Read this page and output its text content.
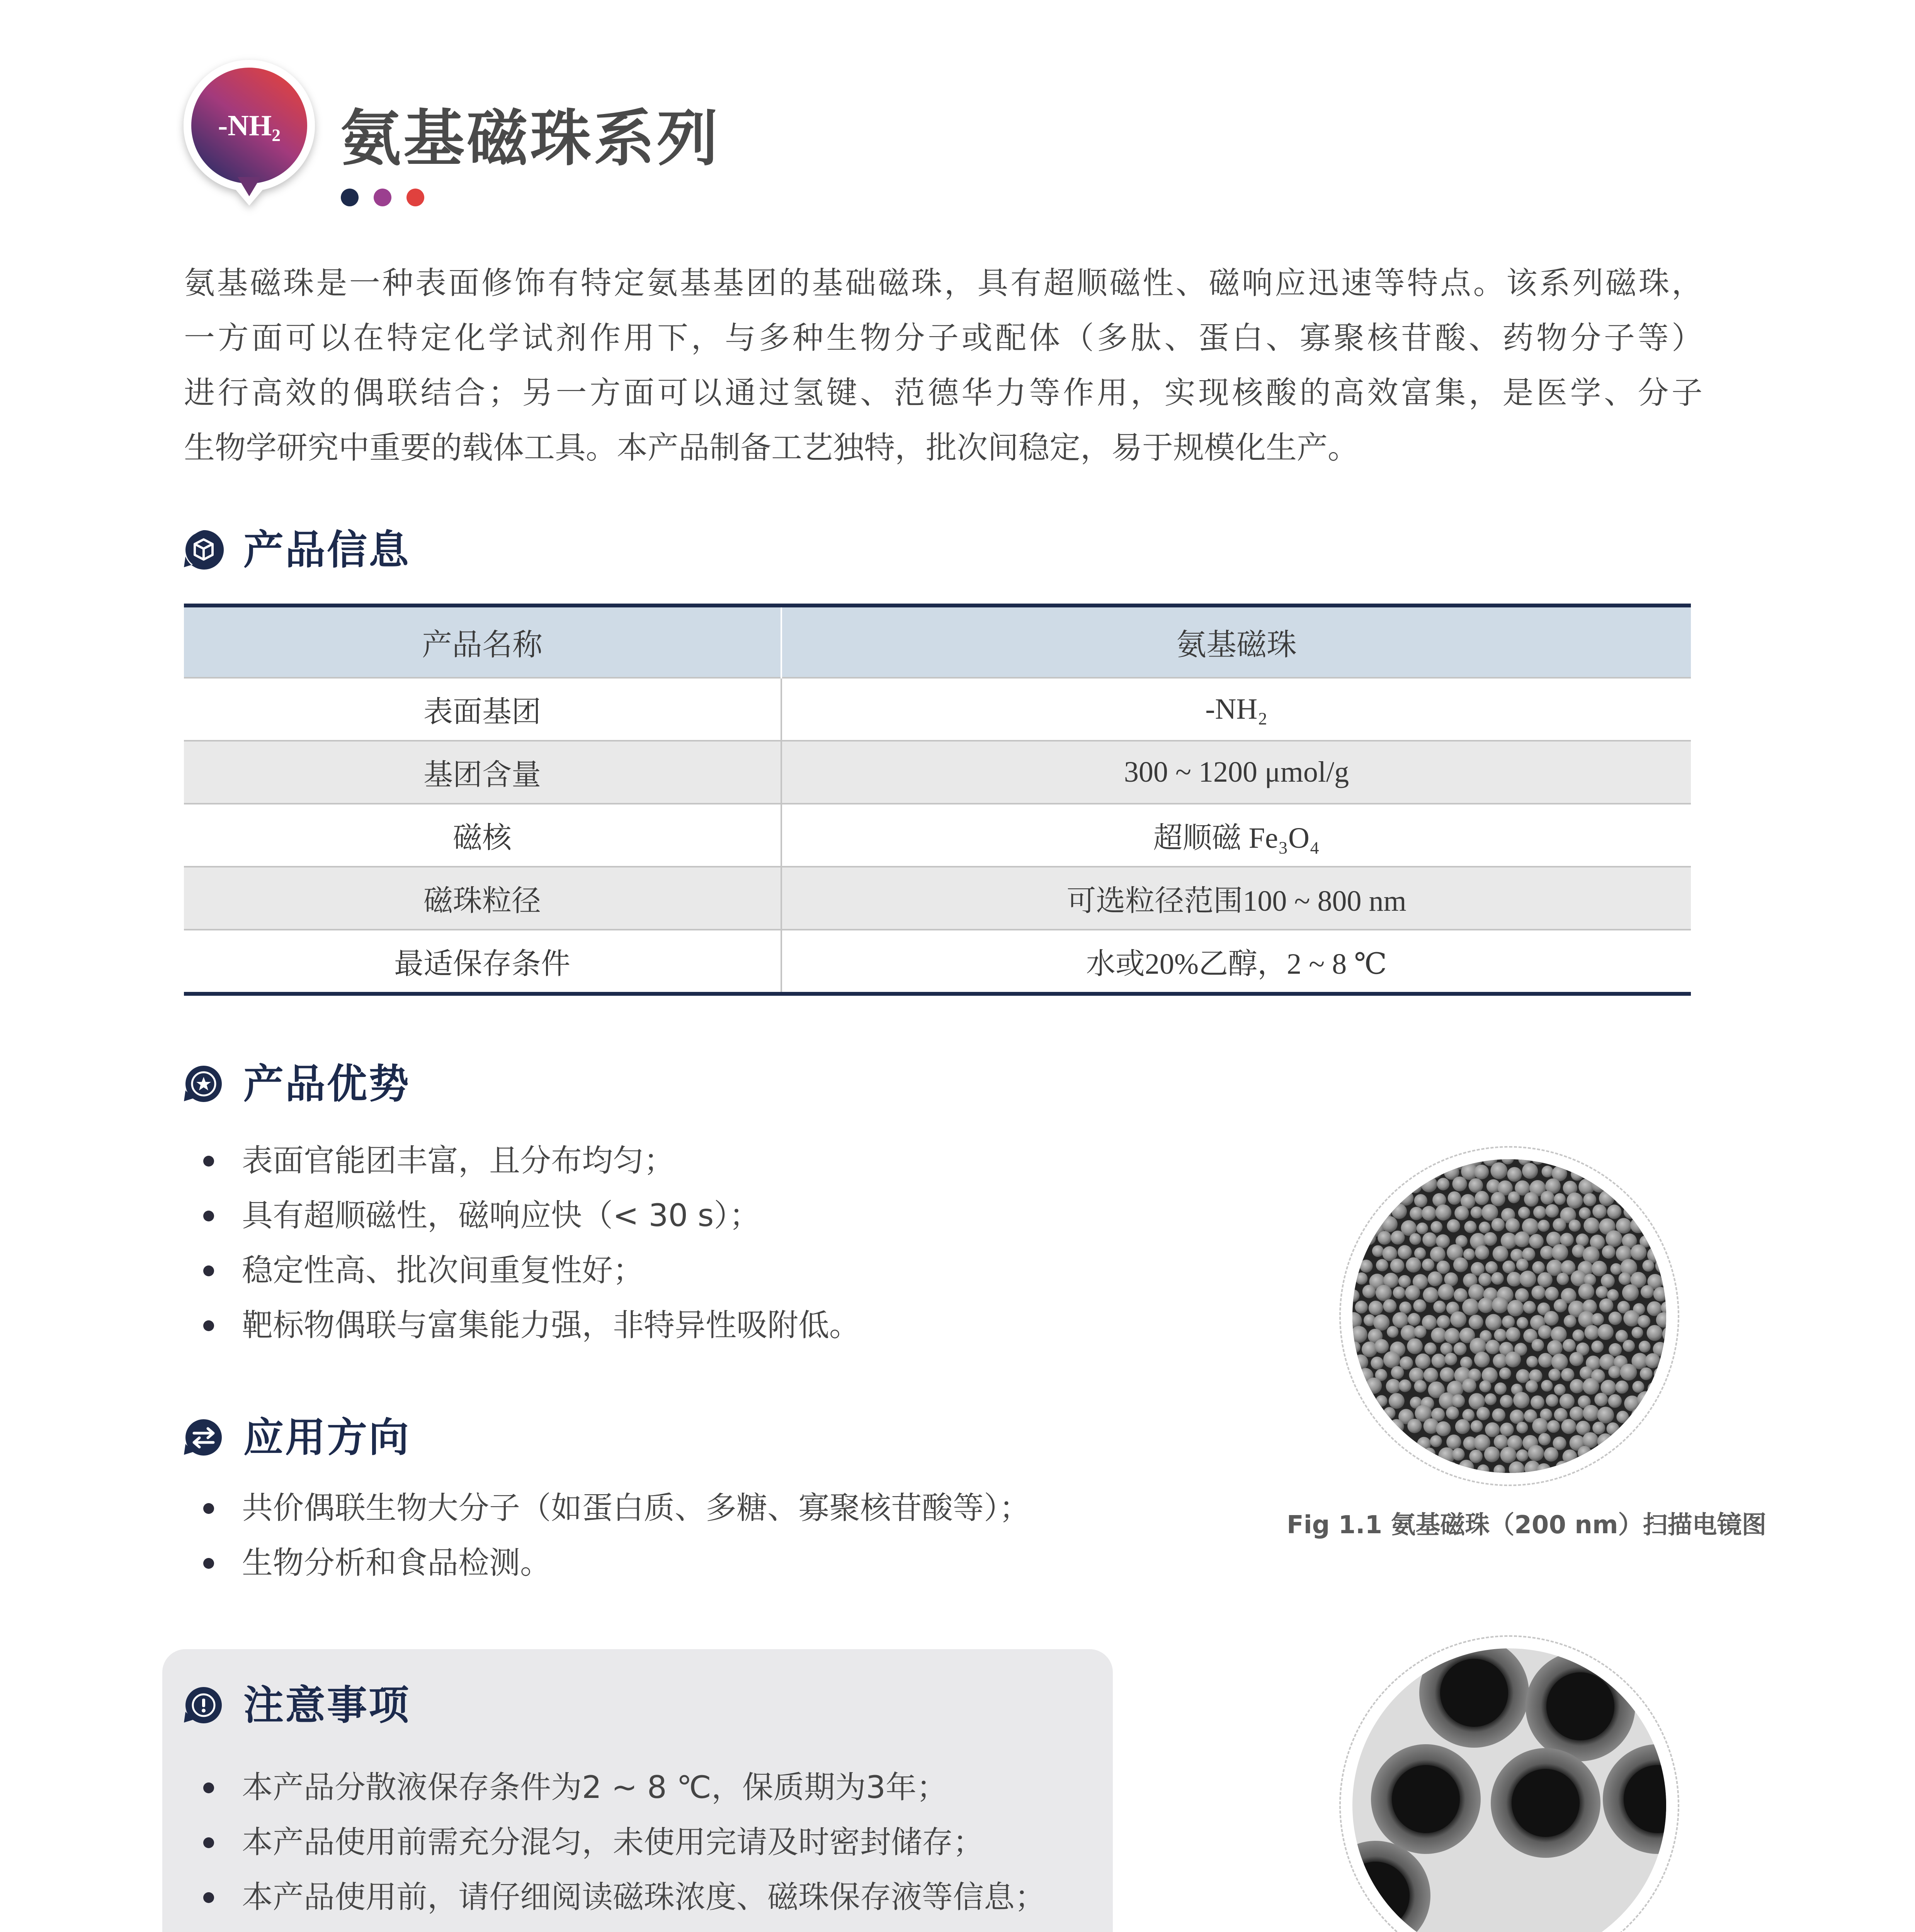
-NH₂ 氨基磁珠系列
氨基磁珠是一种表面修饰有特定氨基基团的基础磁珠，具有超顺磁性、磁响应迅速等特点。该系列磁珠，
一方面可以在特定化学试剂作用下，与多种生物分子或配体（多肽、蛋白、寡聚核苷酸、药物分子等）
进行高效的偶联结合；另一方面可以通过氢键、范德华力等作用，实现核酸的高效富集，是医学、分子
生物学研究中重要的载体工具。本产品制备工艺独特，批次间稳定，易于规模化生产。
产品信息
产品名称	氨基磁珠
表面基团	-NH₂
基团含量	300 ~ 1200 μmol/g
磁核	超顺磁 Fe₃O₄
磁珠粒径	可选粒径范围100 ~ 800 nm
最适保存条件	水或20%乙醇，2 ~ 8 ℃
产品优势
表面官能团丰富，且分布均匀；
具有超顺磁性，磁响应快（< 30 s）；
稳定性高、批次间重复性好；
靶标物偶联与富集能力强，非特异性吸附低。
应用方向
共价偶联生物大分子（如蛋白质、多糖、寡聚核苷酸等）；
生物分析和食品检测。
注意事项
本产品分散液保存条件为2 ~ 8 ℃，保质期为3年；
本产品使用前需充分混匀，未使用完请及时密封储存；
本产品使用前，请仔细阅读磁珠浓度、磁珠保存液等信息；
Fig 1.1 氨基磁珠（200 nm）扫描电镜图
